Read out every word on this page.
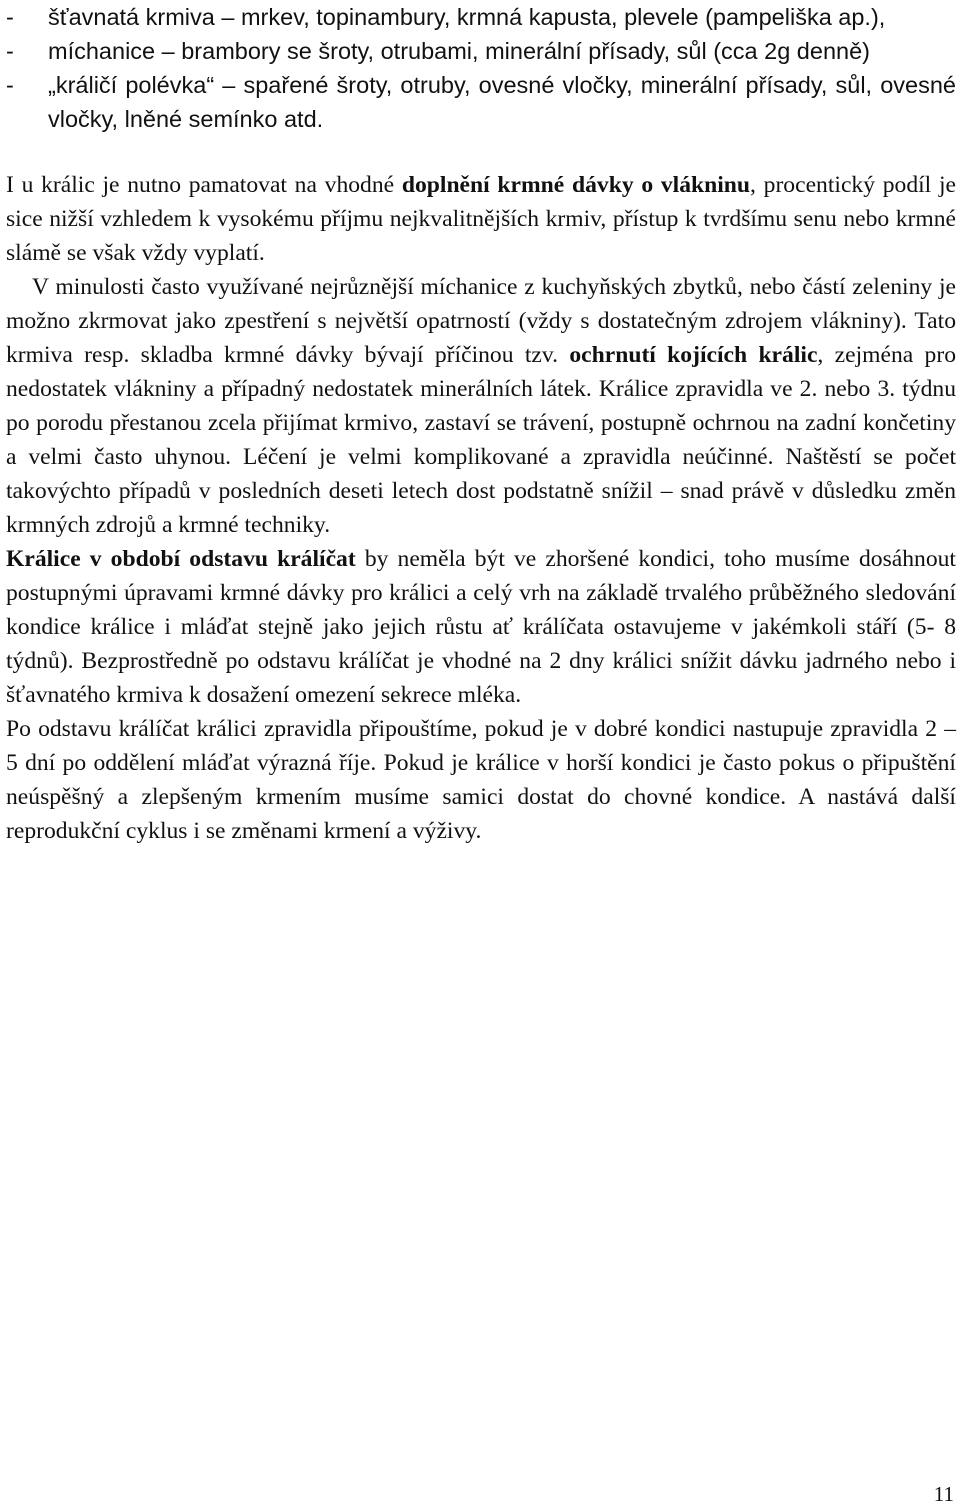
- šťavnatá krmiva – mrkev, topinambury, krmná kapusta, plevele (pampeliška ap.),
- míchanice – brambory se šroty, otrubami, minerální přísady, sůl (cca 2g denně)
- „králičí polévka“ – spařené šroty, otruby, ovesné vločky, minerální přísady, sůl, ovesné vločky, lněné semínko atd.

I u králic je nutno pamatovat na vhodné doplnění krmné dávky o vlákninu, procentický podíl je sice nižší vzhledem k vysokému příjmu nejkvalitnějších krmiv, přístup k tvrdšímu senu nebo krmné slámě se však vždy vyplatí.

V minulosti často využívané nejrůznější míchanice z kuchyňských zbytků, nebo částí zeleniny je možno zkrmovat jako zpestření s největší opatrností (vždy s dostatečným zdrojem vlákniny). Tato krmiva resp. skladba krmné dávky bývají příčinou tzv. ochrnutí kojících králic, zejména pro nedostatek vlákniny a případný nedostatek minerálních látek. Králice zpravidla ve 2. nebo 3. týdnu po porodu přestanou zcela přijímat krmivo, zastaví se trávení, postupně ochrnou na zadní končetiny a velmi často uhynou. Léčení je velmi komplikované a zpravidla neúčinné. Naštěstí se počet takovýchto případů v posledních deseti letech dost podstatně snížil – snad právě v důsledku změn krmných zdrojů a krmné techniky.

Králice v období odstavu králíčat by neměla být ve zhoršené kondici, toho musíme dosáhnout postupnými úpravami krmné dávky pro králici a celý vrh na základě trvalého průběžného sledování kondice králice i mláďat stejně jako jejich růstu ať králíčata ostavujeme v jakémkoli stáří (5- 8 týdnů). Bezprostředně po odstavu králíčat je vhodné na 2 dny králici snížit dávku jadrného nebo i šťavnatého krmiva k dosažení omezení sekrece mléka.

Po odstavu králíčat králici zpravidla připouštíme, pokud je v dobré kondici nastupuje zpravidla 2 – 5 dní po oddělení mláďat výrazná říje. Pokud je králice v horší kondici je často pokus o připuštění neúspěšný a zlepšeným krmením musíme samici dostat do chovné kondice. A nastává další reprodukční cyklus i se změnami krmení a výživy.

11
